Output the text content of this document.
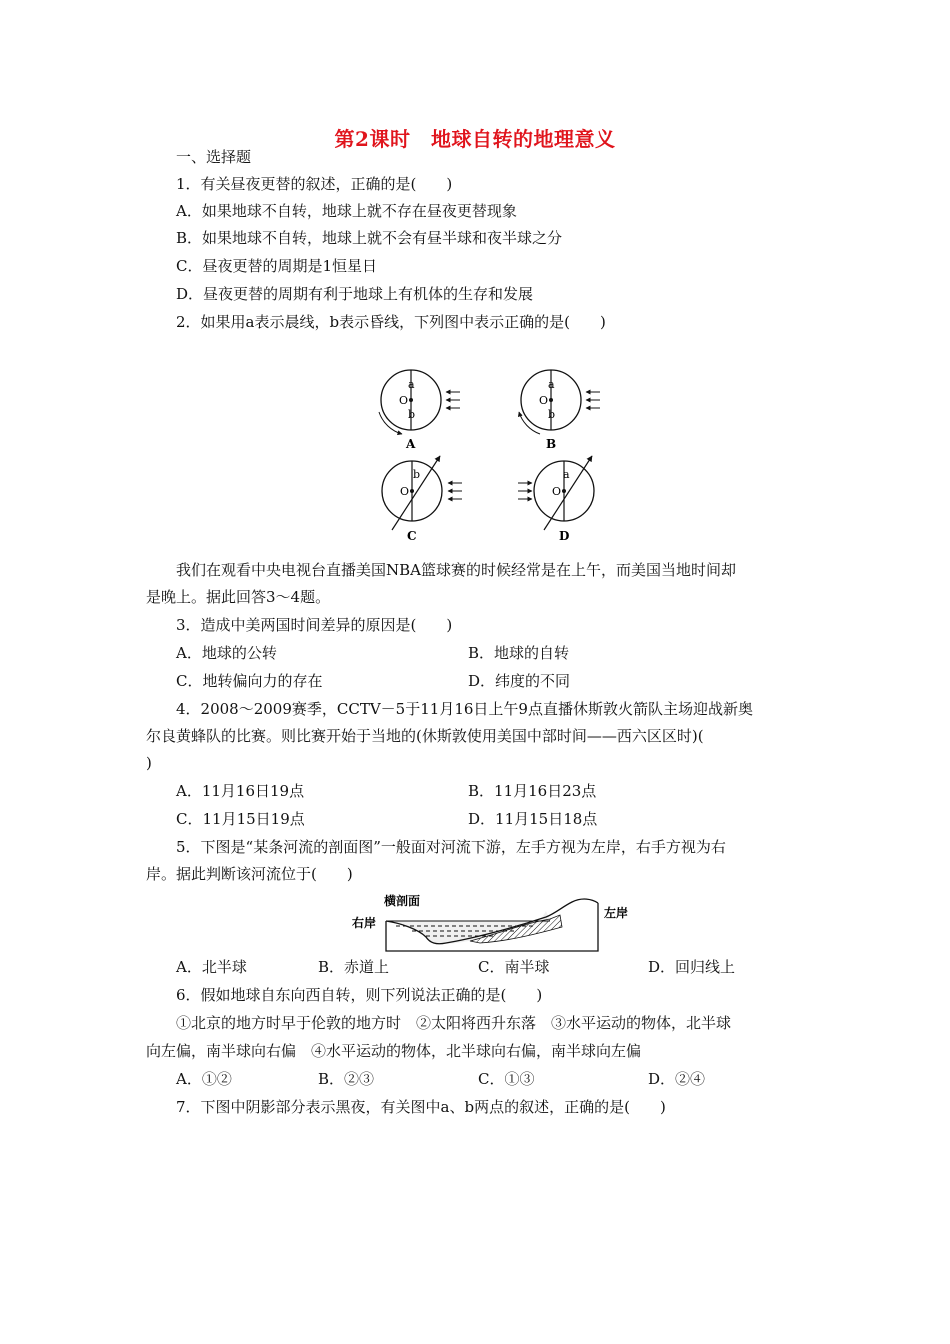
第2课时　地球自转的地理意义
一、选择题
1．有关昼夜更替的叙述，正确的是(　　)
A．如果地球不自转，地球上就不存在昼夜更替现象
B．如果地球不自转，地球上就不会有昼半球和夜半球之分
C．昼夜更替的周期是1恒星日
D．昼夜更替的周期有利于地球上有机体的生存和发展
2．如果用a表示晨线，b表示昏线，下列图中表示正确的是(　　)
a
b
O
A
a
b
O
B
b
O
C
a
O
D
我们在观看中央电视台直播美国NBA篮球赛的时候经常是在上午，而美国当地时间却
是晚上。据此回答3～4题。
3．造成中美两国时间差异的原因是(　　)
A．地球的公转	B．地球的自转
C．地转偏向力的存在	D．纬度的不同
4．2008～2009赛季，CCTV－5于11月16日上午9点直播休斯敦火箭队主场迎战新奥
尔良黄蜂队的比赛。则比赛开始于当地的(休斯敦使用美国中部时间——西六区区时)(
)
A．11月16日19点	B．11月16日23点
C．11月15日19点	D．11月15日18点
5．下图是“某条河流的剖面图”一般面对河流下游，左手方视为左岸，右手方视为右
岸。据此判断该河流位于(　　)
横剖面
右岸
左岸
A．北半球	B．赤道上	C．南半球	D．回归线上
6．假如地球自东向西自转，则下列说法正确的是(　　)
①北京的地方时早于伦敦的地方时　②太阳将西升东落　③水平运动的物体，北半球
向左偏，南半球向右偏　④水平运动的物体，北半球向右偏，南半球向左偏
A．①②	B．②③	C．①③	D．②④
7．下图中阴影部分表示黑夜，有关图中a、b两点的叙述，正确的是(　　)
